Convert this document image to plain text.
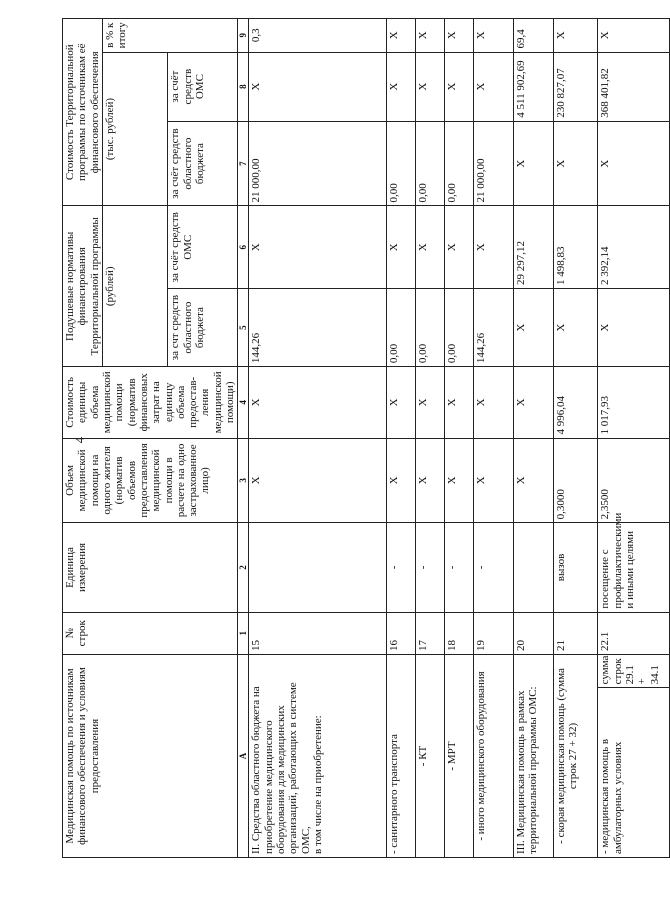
4
Медицинская помощь по источникам финансового обеспечения и условиям предоставления		№ строк	Единица измерения	Объем медицинской помощи на одного жителя (норматив объемов предоставления медицинской помощи в расчете на одно застрахованное лицо)	Стоимость единицы объема медицинской помощи (норматив финансовых затрат на единицу объема предостав-ления медицинской помощи)	Подушевые нормативы финансирования Территориальной программы		Стоимость Территориальной программы по источникам её финансового обеспечения		

						(рублей)		(тыс. рублей)		в % к итогу
						за счт средств областного бюджета	за счёт средств ОМС	за счёт средств областного бюджета	за счёт средств ОМС	
А		1	2	3	4	5	6	7	8	9
II. Средства областного бюджета на приобретение медицинского оборудования для медицинских организаций, работающих в системе ОМС,
в том числе на приобретение:		15		Х	Х	144,26	Х	21 000,00	Х	0,3
- санитарного транспорта		16	-	Х	Х	0,00	Х	0,00	Х	Х
- КТ		17	-	Х	Х	0,00	Х	0,00	Х	Х
- МРТ		18	-	Х	Х	0,00	Х	0,00	Х	Х
- иного медицинского оборудования		19	-	Х	Х	144,26	Х	21 000,00	Х	Х
III. Медицинская помощь в рамках территориальной программы ОМС:		20		Х	Х	Х	29 297,12	Х	4 511 902,69	69,4
- скорая медицинская помощь (сумма строк 27 + 32)		21	вызов	0,3000	4 996,04	Х	1 498,83	Х	230 827,07	Х
- медицинская помощь в амбулаторных условиях	сумма строк
29.1 + 34.1	22.1	посещение с профилактическими и иными целями	2,3500	1 017,93	Х	2 392,14	Х	368 401,82	Х
